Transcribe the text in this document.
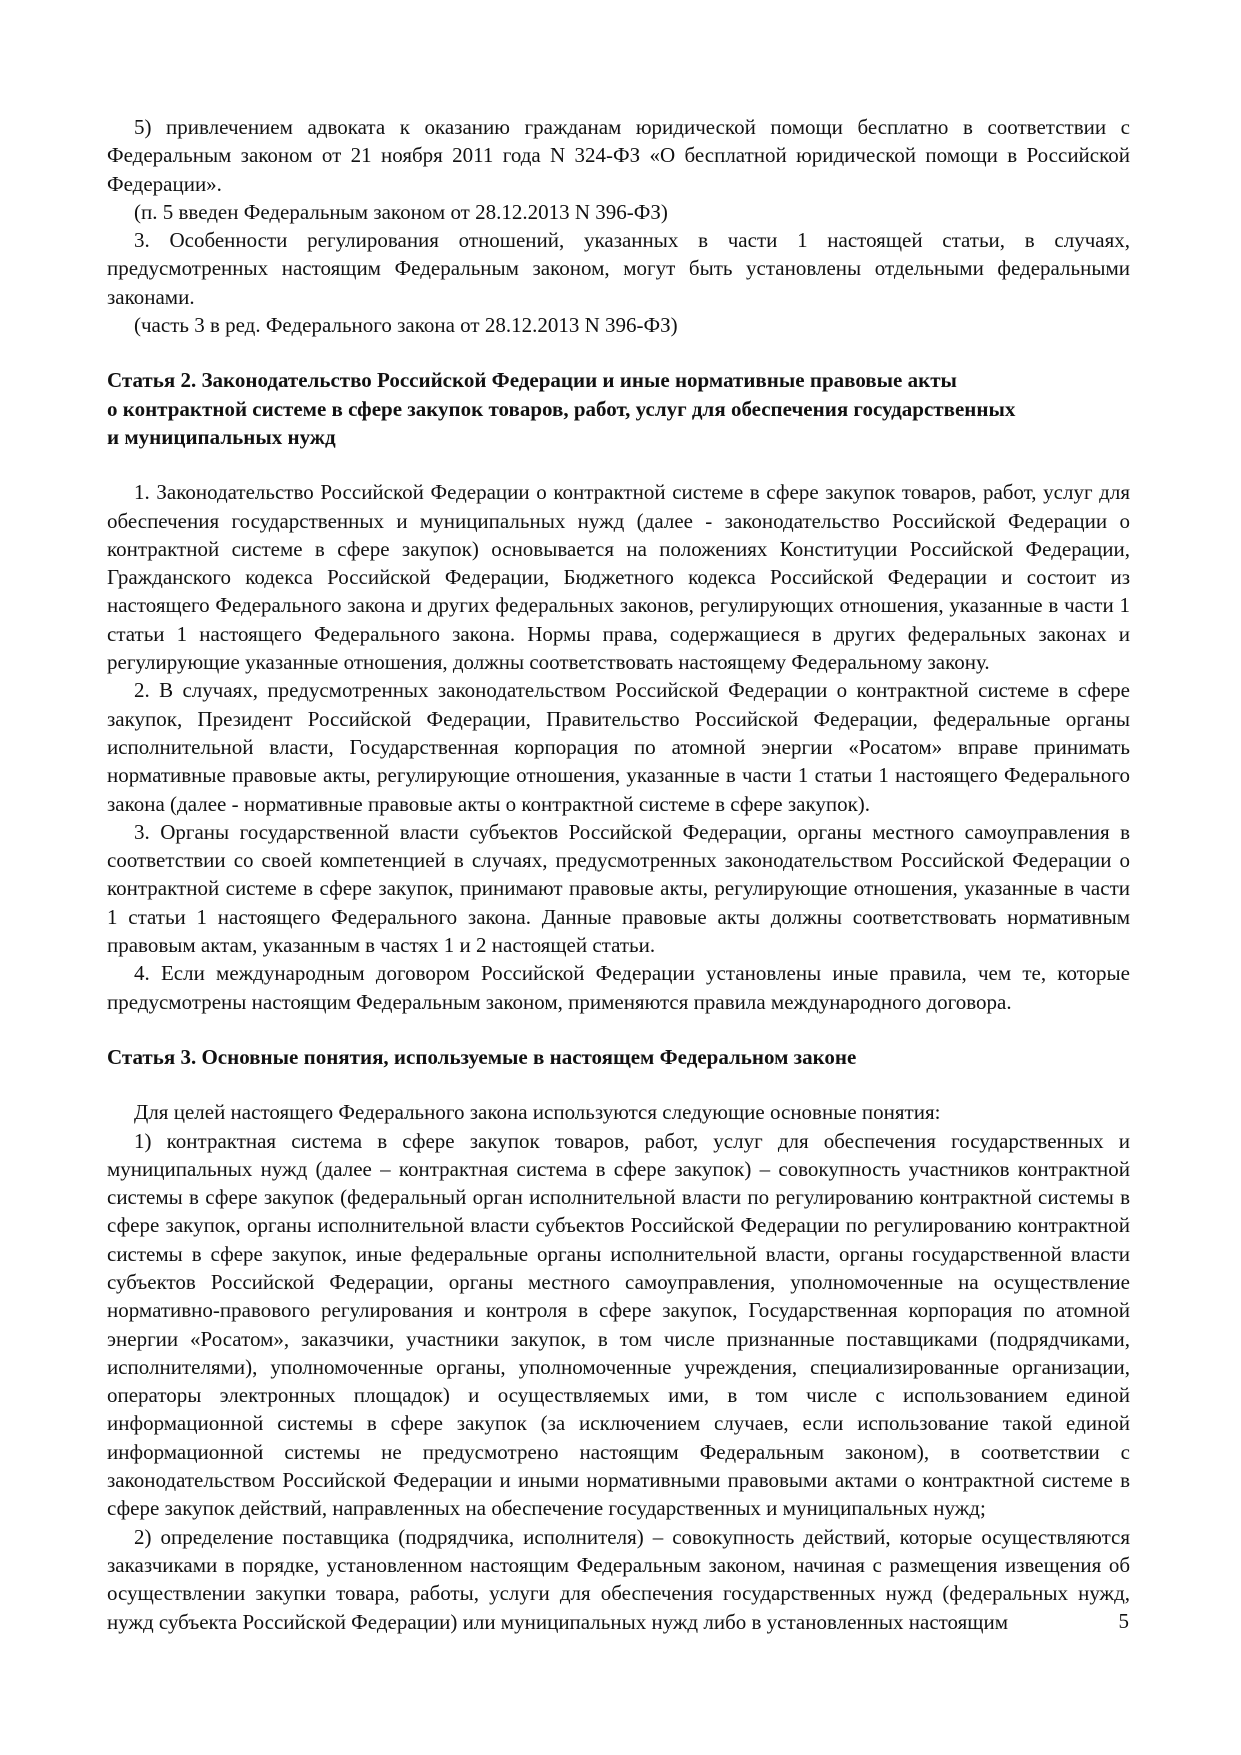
5) привлечением адвоката к оказанию гражданам юридической помощи бесплатно в соответствии с Федеральным законом от 21 ноября 2011 года N 324-ФЗ «О бесплатной юридической помощи в Российской Федерации».

(п. 5 введен Федеральным законом от 28.12.2013 N 396-ФЗ)

3. Особенности регулирования отношений, указанных в части 1 настоящей статьи, в случаях, предусмотренных настоящим Федеральным законом, могут быть установлены отдельными федеральными законами.

(часть 3 в ред. Федерального закона от 28.12.2013 N 396-ФЗ)

Статья 2. Законодательство Российской Федерации и иные нормативные правовые акты
о контрактной системе в сфере закупок товаров, работ, услуг для обеспечения государственных
и муниципальных нужд

1. Законодательство Российской Федерации о контрактной системе в сфере закупок товаров, работ, услуг для обеспечения государственных и муниципальных нужд (далее - законодательство Российской Федерации о контрактной системе в сфере закупок) основывается на положениях Конституции Российской Федерации, Гражданского кодекса Российской Федерации, Бюджетного кодекса Российской Федерации и состоит из настоящего Федерального закона и других федеральных законов, регулирующих отношения, указанные в части 1 статьи 1 настоящего Федерального закона. Нормы права, содержащиеся в других федеральных законах и регулирующие указанные отношения, должны соответствовать настоящему Федеральному закону.

2. В случаях, предусмотренных законодательством Российской Федерации о контрактной системе в сфере закупок, Президент Российской Федерации, Правительство Российской Федерации, федеральные органы исполнительной власти, Государственная корпорация по атомной энергии «Росатом» вправе принимать нормативные правовые акты, регулирующие отношения, указанные в части 1 статьи 1 настоящего Федерального закона (далее - нормативные правовые акты о контрактной системе в сфере закупок).

3. Органы государственной власти субъектов Российской Федерации, органы местного самоуправления в соответствии со своей компетенцией в случаях, предусмотренных законодательством Российской Федерации о контрактной системе в сфере закупок, принимают правовые акты, регулирующие отношения, указанные в части 1 статьи 1 настоящего Федерального закона. Данные правовые акты должны соответствовать нормативным правовым актам, указанным в частях 1 и 2 настоящей статьи.

4. Если международным договором Российской Федерации установлены иные правила, чем те, которые предусмотрены настоящим Федеральным законом, применяются правила международного договора.

Статья 3. Основные понятия, используемые в настоящем Федеральном законе

Для целей настоящего Федерального закона используются следующие основные понятия:

1) контрактная система в сфере закупок товаров, работ, услуг для обеспечения государственных и муниципальных нужд (далее – контрактная система в сфере закупок) – совокупность участников контрактной системы в сфере закупок (федеральный орган исполнительной власти по регулированию контрактной системы в сфере закупок, органы исполнительной власти субъектов Российской Федерации по регулированию контрактной системы в сфере закупок, иные федеральные органы исполнительной власти, органы государственной власти субъектов Российской Федерации, органы местного самоуправления, уполномоченные на осуществление нормативно-правового регулирования и контроля в сфере закупок, Государственная корпорация по атомной энергии «Росатом», заказчики, участники закупок, в том числе признанные поставщиками (подрядчиками, исполнителями), уполномоченные органы, уполномоченные учреждения, специализированные организации, операторы электронных площадок) и осуществляемых ими, в том числе с использованием единой информационной системы в сфере закупок (за исключением случаев, если использование такой единой информационной системы не предусмотрено настоящим Федеральным законом), в соответствии с законодательством Российской Федерации и иными нормативными правовыми актами о контрактной системе в сфере закупок действий, направленных на обеспечение государственных и муниципальных нужд;

2) определение поставщика (подрядчика, исполнителя) – совокупность действий, которые осуществляются заказчиками в порядке, установленном настоящим Федеральным законом, начиная с размещения извещения об осуществлении закупки товара, работы, услуги для обеспечения государственных нужд (федеральных нужд, нужд субъекта Российской Федерации) или муниципальных нужд либо в установленных настоящим	5
